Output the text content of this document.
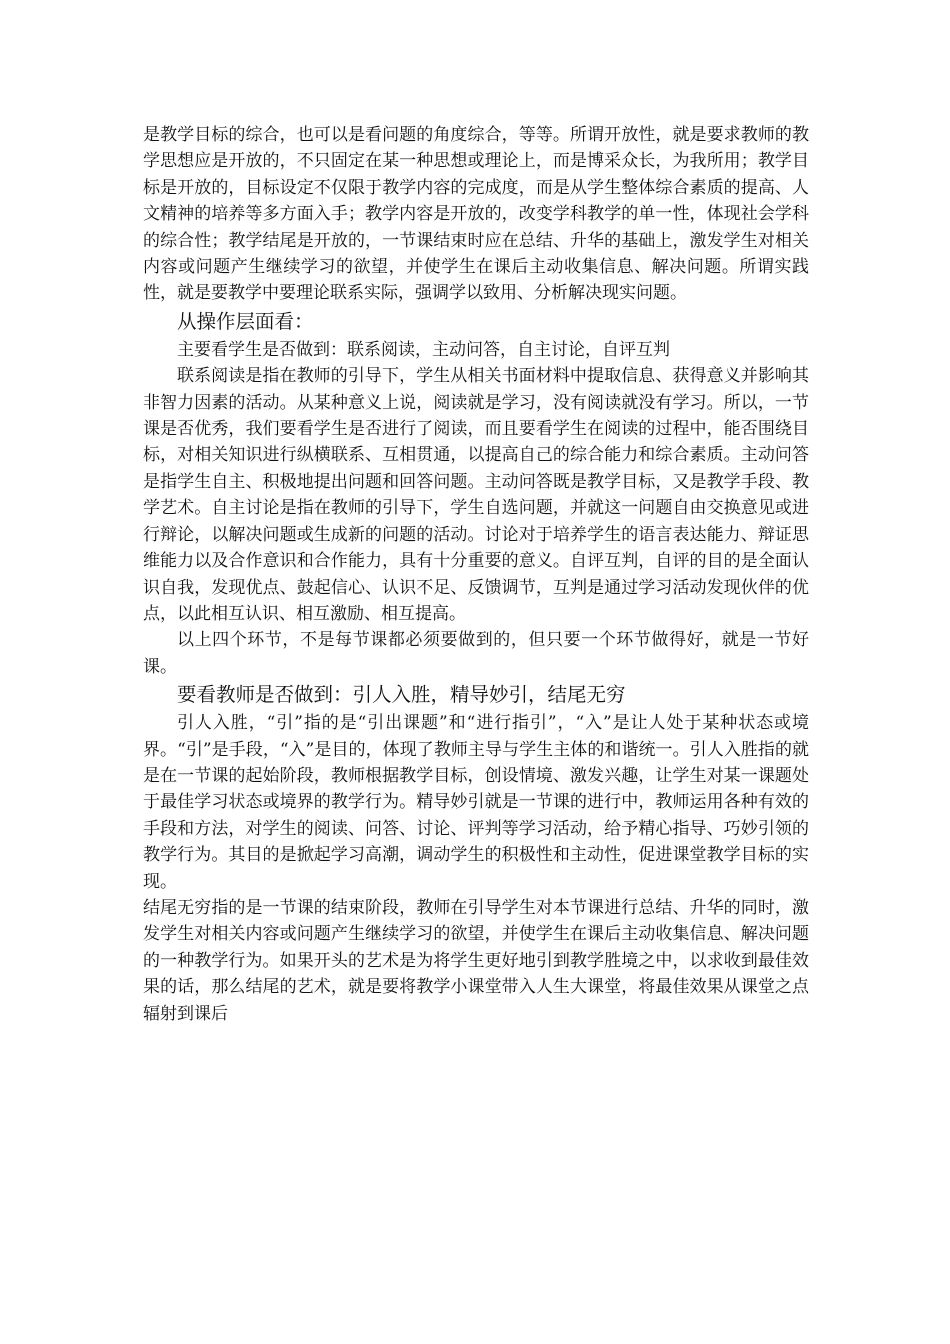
是教学目标的综合，也可以是看问题的角度综合，等等。所谓开放性，就是要求教师的教学思想应是开放的，不只固定在某一种思想或理论上，而是博采众长，为我所用；教学目标是开放的，目标设定不仅限于教学内容的完成度，而是从学生整体综合素质的提高、人文精神的培养等多方面入手；教学内容是开放的，改变学科教学的单一性，体现社会学科的综合性；教学结尾是开放的，一节课结束时应在总结、升华的基础上，激发学生对相关内容或问题产生继续学习的欲望，并使学生在课后主动收集信息、解决问题。所谓实践性，就是要教学中要理论联系实际，强调学以致用、分析解决现实问题。

从操作层面看：

主要看学生是否做到：联系阅读，主动问答，自主讨论，自评互判

联系阅读是指在教师的引导下，学生从相关书面材料中提取信息、获得意义并影响其非智力因素的活动。从某种意义上说，阅读就是学习，没有阅读就没有学习。所以，一节课是否优秀，我们要看学生是否进行了阅读，而且要看学生在阅读的过程中，能否围绕目标，对相关知识进行纵横联系、互相贯通，以提高自己的综合能力和综合素质。主动问答是指学生自主、积极地提出问题和回答问题。主动问答既是教学目标，又是教学手段、教学艺术。自主讨论是指在教师的引导下，学生自选问题，并就这一问题自由交换意见或进行辩论，以解决问题或生成新的问题的活动。讨论对于培养学生的语言表达能力、辩证思维能力以及合作意识和合作能力，具有十分重要的意义。自评互判，自评的目的是全面认识自我，发现优点、鼓起信心、认识不足、反馈调节，互判是通过学习活动发现伙伴的优点，以此相互认识、相互激励、相互提高。

以上四个环节，不是每节课都必须要做到的，但只要一个环节做得好，就是一节好课。

要看教师是否做到：引人入胜，精导妙引，结尾无穷

引人入胜，“引”指的是“引出课题”和“进行指引”，“入”是让人处于某种状态或境界。“引”是手段，“入”是目的，体现了教师主导与学生主体的和谐统一。引人入胜指的就是在一节课的起始阶段，教师根据教学目标，创设情境、激发兴趣，让学生对某一课题处于最佳学习状态或境界的教学行为。精导妙引就是一节课的进行中，教师运用各种有效的手段和方法，对学生的阅读、问答、讨论、评判等学习活动，给予精心指导、巧妙引领的教学行为。其目的是掀起学习高潮，调动学生的积极性和主动性，促进课堂教学目标的实现。

结尾无穷指的是一节课的结束阶段，教师在引导学生对本节课进行总结、升华的同时，激发学生对相关内容或问题产生继续学习的欲望，并使学生在课后主动收集信息、解决问题的一种教学行为。如果开头的艺术是为将学生更好地引到教学胜境之中，以求收到最佳效果的话，那么结尾的艺术，就是要将教学小课堂带入人生大课堂，将最佳效果从课堂之点辐射到课后
